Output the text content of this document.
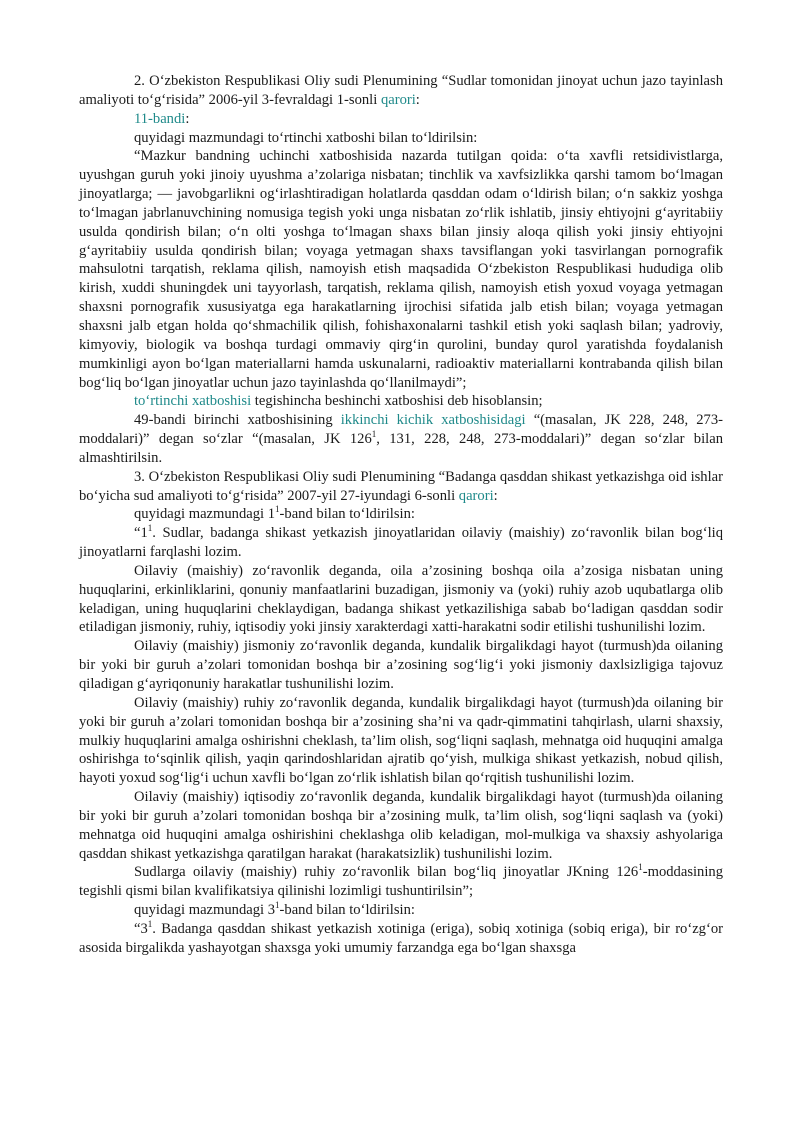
2. O‘zbekiston Respublikasi Oliy sudi Plenumining “Sudlar tomonidan jinoyat uchun jazo tayinlash amaliyoti to‘g‘risida” 2006-yil 3-fevraldagi 1-sonli qarori:

11-bandi:

quyidagi mazmundagi to‘rtinchi xatboshi bilan to‘ldirilsin:

“Mazkur bandning uchinchi xatboshisida nazarda tutilgan qoida: o‘ta xavfli retsidivistlarga, uyushgan guruh yoki jinoiy uyushma a’zolariga nisbatan; tinchlik va xavfsizlikka qarshi tamom bo‘lmagan jinoyatlarga; — javobgarlikni og‘irlashtiradigan holatlarda qasddan odam o‘ldirish bilan; o‘n sakkiz yoshga to‘lmagan jabrlanuvchining nomusiga tegish yoki unga nisbatan zo‘rlik ishlatib, jinsiy ehtiyojni g‘ayritabiiy usulda qondirish bilan; o‘n olti yoshga to‘lmagan shaxs bilan jinsiy aloqa qilish yoki jinsiy ehtiyojni g‘ayritabiiy usulda qondirish bilan; voyaga yetmagan shaxs tavsiflangan yoki tasvirlangan pornografik mahsulotni tarqatish, reklama qilish, namoyish etish maqsadida O‘zbekiston Respublikasi hududiga olib kirish, xuddi shuningdek uni tayyorlash, tarqatish, reklama qilish, namoyish etish yoxud voyaga yetmagan shaxsni pornografik xususiyatga ega harakatlarning ijrochisi sifatida jalb etish bilan; voyaga yetmagan shaxsni jalb etgan holda qo‘shmachilik qilish, fohishaxonalarni tashkil etish yoki saqlash bilan; yadroviy, kimyoviy, biologik va boshqa turdagi ommaviy qirg‘in qurolini, bunday qurol yaratishda foydalanish mumkinligi ayon bo‘lgan materiallarni hamda uskunalarni, radioaktiv materiallarni kontrabanda qilish bilan bog‘liq bo‘lgan jinoyatlar uchun jazo tayinlashda qo‘llanilmaydi”;

to‘rtinchi xatboshisi tegishincha beshinchi xatboshisi deb hisoblansin;

49-bandi birinchi xatboshisining ikkinchi kichik xatboshisidagi “(masalan, JK 228, 248, 273-moddalari)” degan so‘zlar “(masalan, JK $126^1$, 131, 228, 248, 273-moddalari)” degan so‘zlar bilan almashtirilsin.

3. O‘zbekiston Respublikasi Oliy sudi Plenumining “Badanga qasddan shikast yetkazishga oid ishlar bo‘yicha sud amaliyoti to‘g‘risida” 2007-yil 27-iyundagi 6-sonli qarori:

quyidagi mazmundagi $1^1$-band bilan to‘ldirilsin:

“$1^1$. Sudlar, badanga shikast yetkazish jinoyatlaridan oilaviy (maishiy) zo‘ravonlik bilan bog‘liq jinoyatlarni farqlashi lozim.

Oilaviy (maishiy) zo‘ravonlik deganda, oila a’zosining boshqa oila a’zosiga nisbatan uning huquqlarini, erkinliklarini, qonuniy manfaatlarini buzadigan, jismoniy va (yoki) ruhiy azob uqubatlarga olib keladigan, uning huquqlarini cheklaydigan, badanga shikast yetkazilishiga sabab bo‘ladigan qasddan sodir etiladigan jismoniy, ruhiy, iqtisodiy yoki jinsiy xarakterdagi xatti-harakatni sodir etilishi tushunilishi lozim.

Oilaviy (maishiy) jismoniy zo‘ravonlik deganda, kundalik birgalikdagi hayot (turmush)da oilaning bir yoki bir guruh a’zolari tomonidan boshqa bir a’zosining sog‘lig‘i yoki jismoniy daxlsizligiga tajovuz qiladigan g‘ayriqonuniy harakatlar tushunilishi lozim.

Oilaviy (maishiy) ruhiy zo‘ravonlik deganda, kundalik birgalikdagi hayot (turmush)da oilaning bir yoki bir guruh a’zolari tomonidan boshqa bir a’zosining sha’ni va qadr-qimmatini tahqirlash, ularni shaxsiy, mulkiy huquqlarini amalga oshirishni cheklash, ta’lim olish, sog‘liqni saqlash, mehnatga oid huquqini amalga oshirishga to‘sqinlik qilish, yaqin qarindoshlaridan ajratib qo‘yish, mulkiga shikast yetkazish, nobud qilish, hayoti yoxud sog‘lig‘i uchun xavfli bo‘lgan zo‘rlik ishlatish bilan qo‘rqitish tushunilishi lozim.

Oilaviy (maishiy) iqtisodiy zo‘ravonlik deganda, kundalik birgalikdagi hayot (turmush)da oilaning bir yoki bir guruh a’zolari tomonidan boshqa bir a’zosining mulk, ta’lim olish, sog‘liqni saqlash va (yoki) mehnatga oid huquqini amalga oshirishini cheklashga olib keladigan, mol-mulkiga va shaxsiy ashyolariga qasddan shikast yetkazishga qaratilgan harakat (harakatsizlik) tushunilishi lozim.

Sudlarga oilaviy (maishiy) ruhiy zo‘ravonlik bilan bog‘liq jinoyatlar JKning $126^1$-moddasining tegishli qismi bilan kvalifikatsiya qilinishi lozimligi tushuntirilsin”;

quyidagi mazmundagi $3^1$-band bilan to‘ldirilsin:

“$3^1$. Badanga qasddan shikast yetkazish xotiniga (eriga), sobiq xotiniga (sobiq eriga), bir ro‘zg‘or asosida birgalikda yashayotgan shaxsga yoki umumiy farzandga ega bo‘lgan shaxsga
